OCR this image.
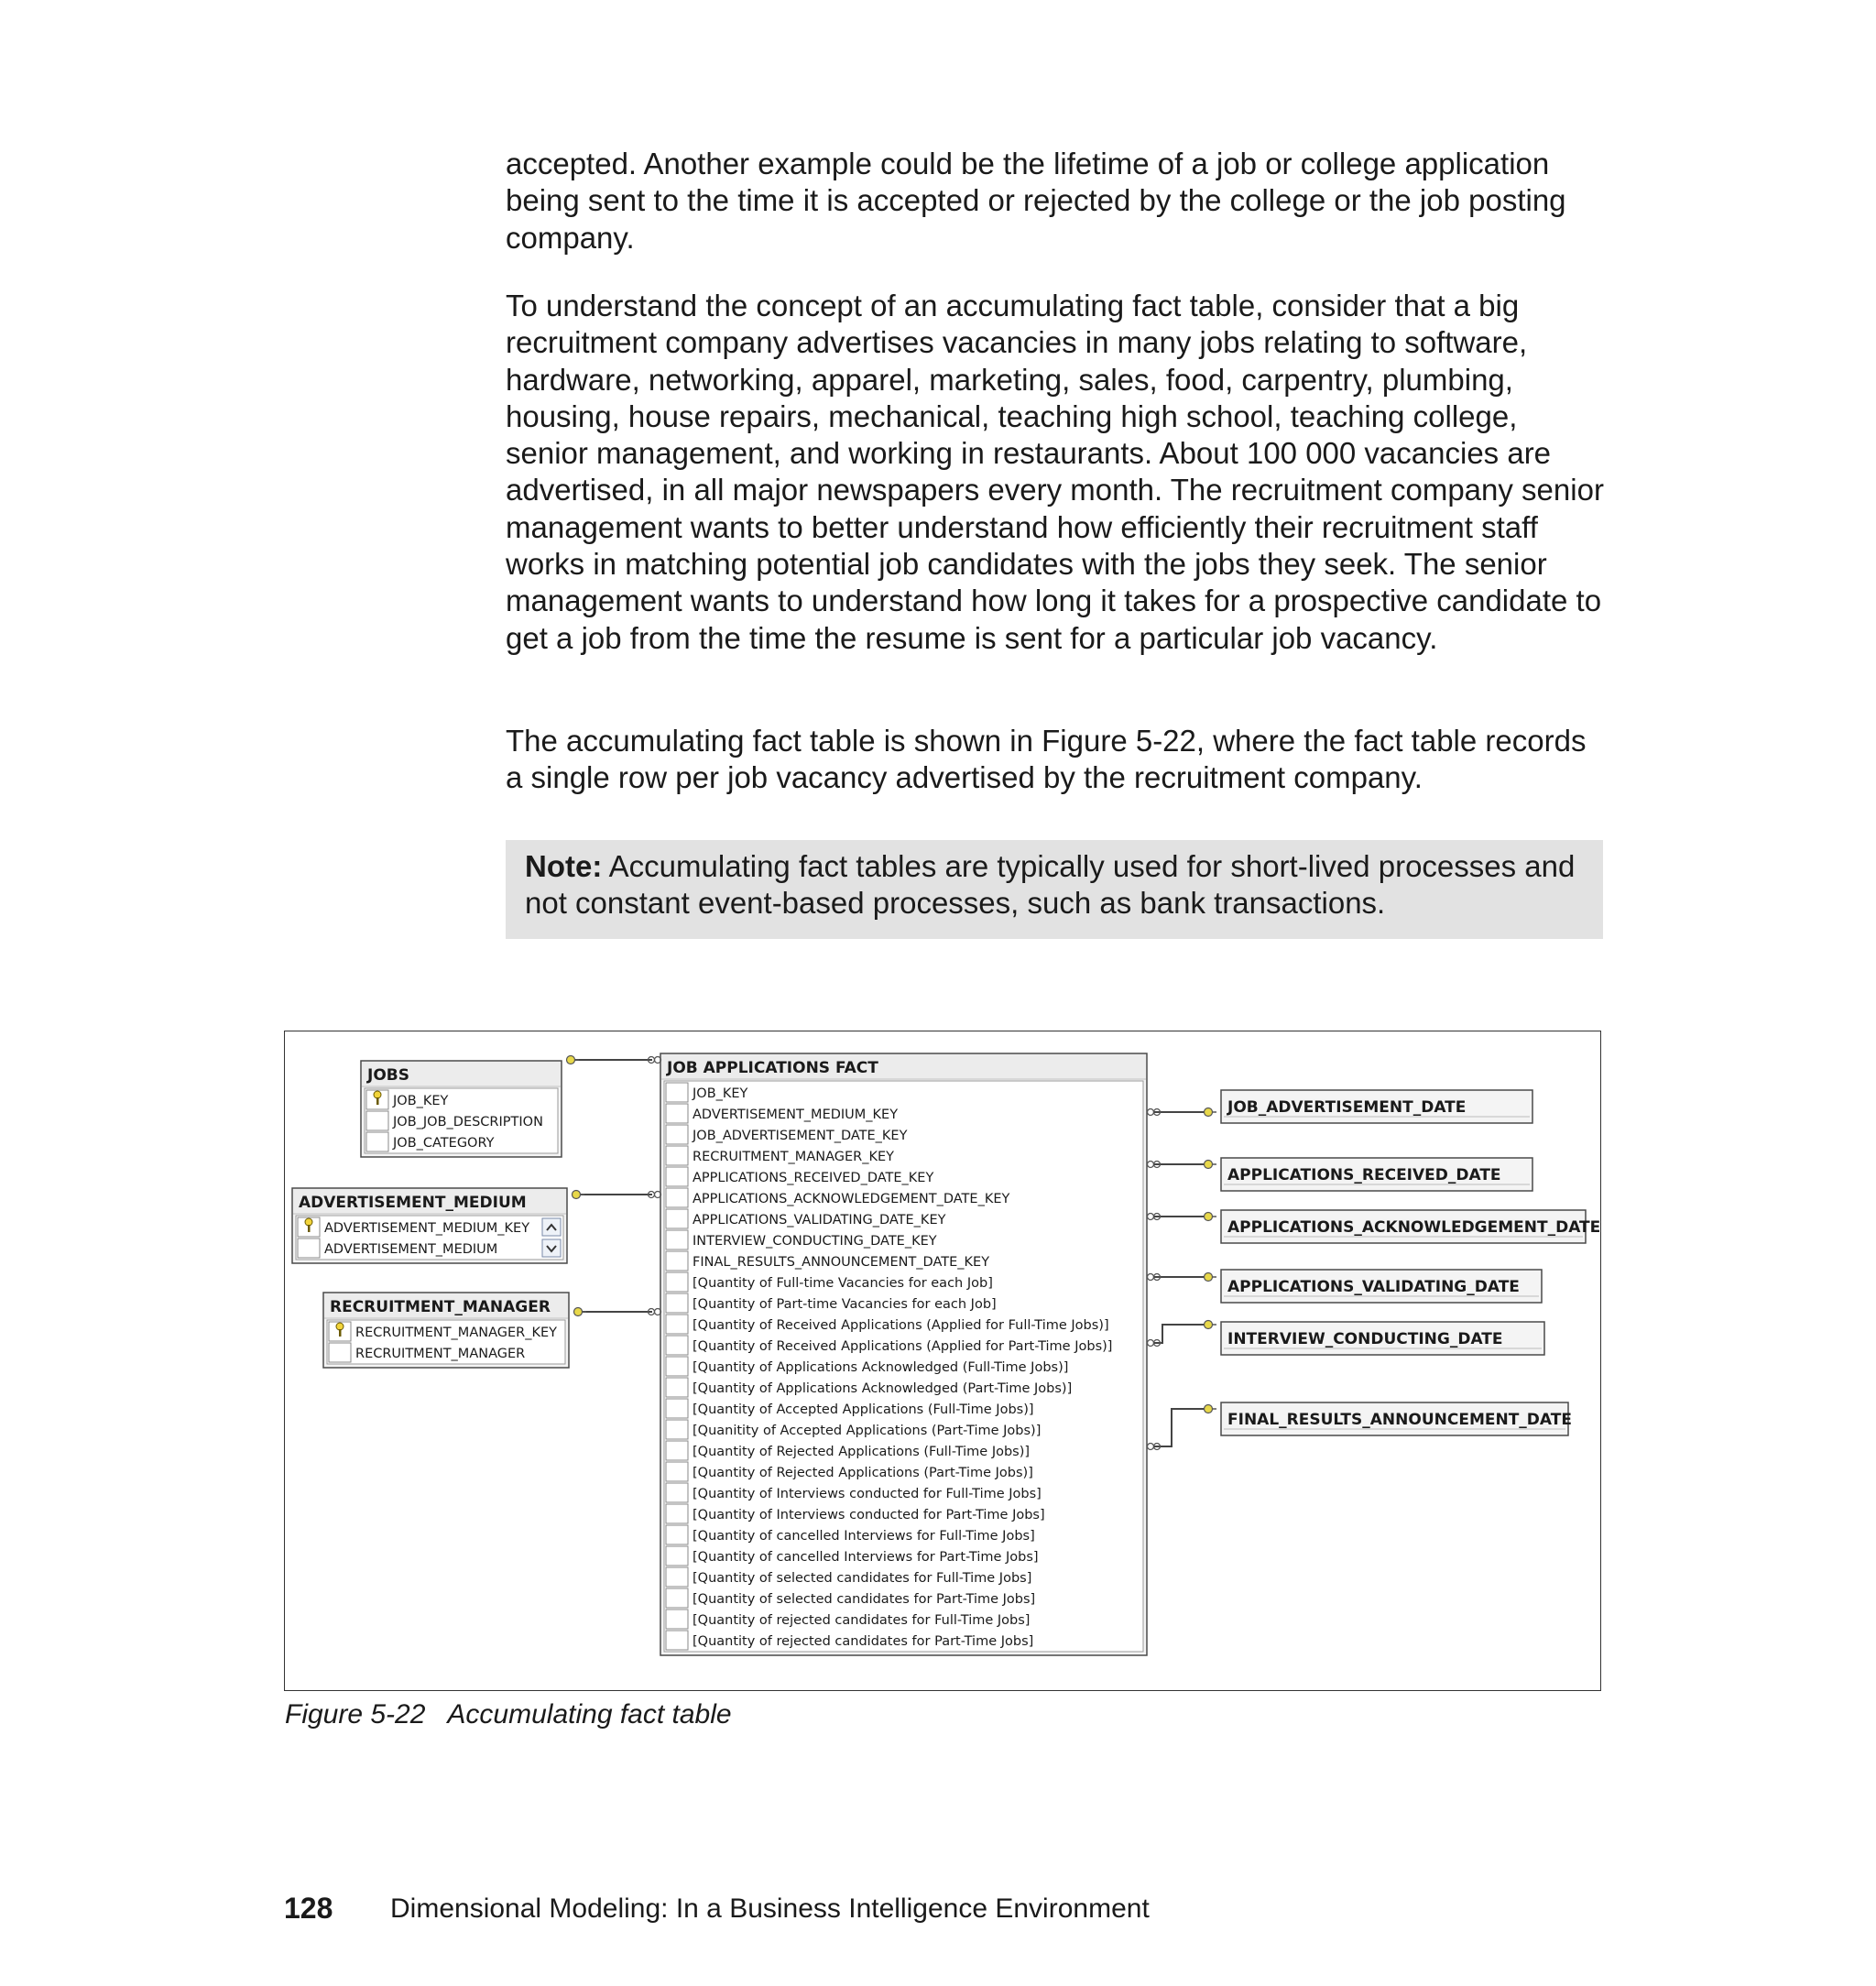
accepted. Another example could be the lifetime of a job or college application being sent to the time it is accepted or rejected by the college or the job posting company.

To understand the concept of an accumulating fact table, consider that a big recruitment company advertises vacancies in many jobs relating to software, hardware, networking, apparel, marketing, sales, food, carpentry, plumbing, housing, house repairs, mechanical, teaching high school, teaching college, senior management, and working in restaurants. About 100 000 vacancies are advertised, in all major newspapers every month. The recruitment company senior management wants to better understand how efficiently their recruitment staff works in matching potential job candidates with the jobs they seek. The senior management wants to understand how long it takes for a prospective candidate to get a job from the time the resume is sent for a particular job vacancy.

The accumulating fact table is shown in Figure 5-22, where the fact table records a single row per job vacancy advertised by the recruitment company.

Note: Accumulating fact tables are typically used for short-lived processes and not constant event-based processes, such as bank transactions.
JOBS
JOB_KEY
JOB_JOB_DESCRIPTION
JOB_CATEGORY
ADVERTISEMENT_MEDIUM
ADVERTISEMENT_MEDIUM_KEY
ADVERTISEMENT_MEDIUM
RECRUITMENT_MANAGER
RECRUITMENT_MANAGER_KEY
RECRUITMENT_MANAGER
JOB APPLICATIONS FACT
JOB_KEY
ADVERTISEMENT_MEDIUM_KEY
JOB_ADVERTISEMENT_DATE_KEY
RECRUITMENT_MANAGER_KEY
APPLICATIONS_RECEIVED_DATE_KEY
APPLICATIONS_ACKNOWLEDGEMENT_DATE_KEY
APPLICATIONS_VALIDATING_DATE_KEY
INTERVIEW_CONDUCTING_DATE_KEY
FINAL_RESULTS_ANNOUNCEMENT_DATE_KEY
[Quantity of Full-time Vacancies for each Job]
[Quantity of Part-time Vacancies for each Job]
[Quantity of Received Applications (Applied for Full-Time Jobs)]
[Quantity of Received Applications (Applied for Part-Time Jobs)]
[Quantity of Applications Acknowledged (Full-Time Jobs)]
[Quantity of Applications Acknowledged (Part-Time Jobs)]
[Quantity of Accepted Applications (Full-Time Jobs)]
[Quanitity of Accepted Applications (Part-Time Jobs)]
[Quantity of Rejected Applications (Full-Time Jobs)]
[Quantity of Rejected Applications (Part-Time Jobs)]
[Quantity of Interviews conducted for Full-Time Jobs]
[Quantity of Interviews conducted for Part-Time Jobs]
[Quantity of cancelled Interviews for Full-Time Jobs]
[Quantity of cancelled Interviews for Part-Time Jobs]
[Quantity of selected candidates for Full-Time Jobs]
[Quantity of selected candidates for Part-Time Jobs]
[Quantity of rejected candidates for Full-Time Jobs]
[Quantity of rejected candidates for Part-Time Jobs]
JOB_ADVERTISEMENT_DATE
APPLICATIONS_RECEIVED_DATE
APPLICATIONS_ACKNOWLEDGEMENT_DATE
APPLICATIONS_VALIDATING_DATE
INTERVIEW_CONDUCTING_DATE
FINAL_RESULTS_ANNOUNCEMENT_DATE
Figure 5-22 Accumulating fact table
128 Dimensional Modeling: In a Business Intelligence Environment
